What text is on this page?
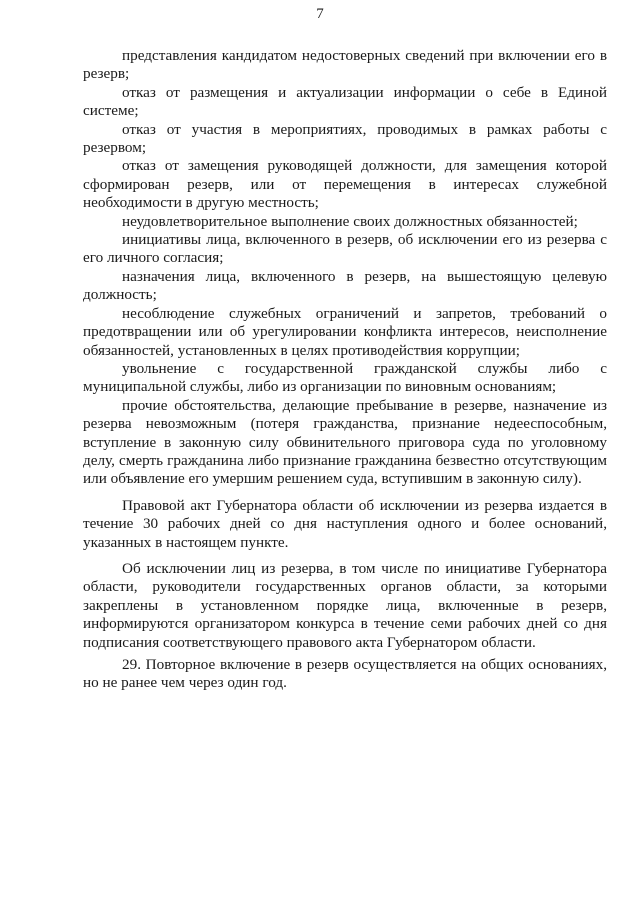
7

представления кандидатом недостоверных сведений при включении его в резерв;

отказ от размещения и актуализации информации о себе в Единой системе;

отказ от участия в мероприятиях, проводимых в рамках работы с резервом;

отказ от замещения руководящей должности, для замещения которой сформирован резерв, или от перемещения в интересах служебной необходимости в другую местность;

неудовлетворительное выполнение своих должностных обязанностей;

инициативы лица, включенного в резерв, об исключении его из резерва с его личного согласия;

назначения лица, включенного в резерв, на вышестоящую целевую должность;

несоблюдение служебных ограничений и запретов, требований о предотвращении или об урегулировании конфликта интересов, неисполнение обязанностей, установленных в целях противодействия коррупции;

увольнение с государственной гражданской службы либо с муниципальной службы, либо из организации по виновным основаниям;

прочие обстоятельства, делающие пребывание в резерве, назначение из резерва невозможным (потеря гражданства, признание недееспособным, вступление в законную силу обвинительного приговора суда по уголовному делу, смерть гражданина либо признание гражданина безвестно отсутствующим или объявление его умершим решением суда, вступившим в законную силу).

Правовой акт Губернатора области об исключении из резерва издается в течение 30 рабочих дней со дня наступления одного и более оснований, указанных в настоящем пункте.

Об исключении лиц из резерва, в том числе по инициативе Губернатора области, руководители государственных органов области, за которыми закреплены в установленном порядке лица, включенные в резерв, информируются организатором конкурса в течение семи рабочих дней со дня подписания соответствующего правового акта Губернатором области.

29. Повторное включение в резерв осуществляется на общих основаниях, но не ранее чем через один год.
